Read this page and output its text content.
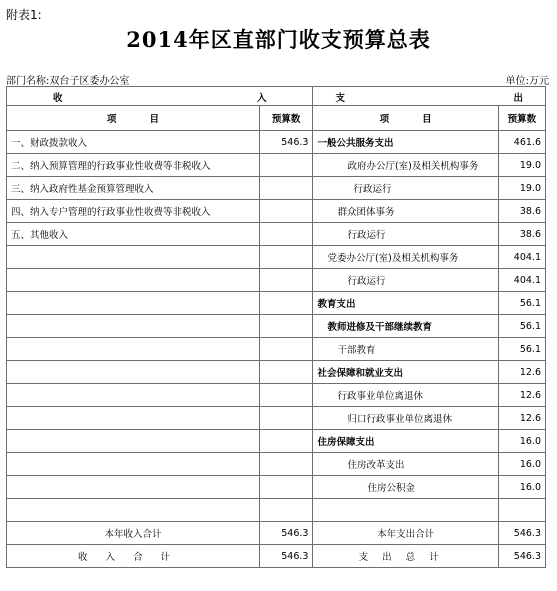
附表1:
2014年区直部门收支预算总表
部门名称:双台子区委办公室	单位:万元
收 入		支 出	

项          目	预算数	项          目	预算数
一、财政拨款收入	546.3	一般公共服务支出	461.6
二、纳入预算管理的行政事业性收费等非税收入		政府办公厅(室)及相关机构事务	19.0
三、纳入政府性基金预算管理收入		行政运行	19.0
四、纳入专户管理的行政事业性收费等非税收入		群众团体事务	38.6
五、其他收入		行政运行	38.6
		党委办公厅(室)及相关机构事务	404.1
		行政运行	404.1
		教育支出	56.1
		教师进修及干部继续教育	56.1
		干部教育	56.1
		社会保障和就业支出	12.6
		行政事业单位离退休	12.6
		归口行政事业单位离退休	12.6
		住房保障支出	16.0
		住房改革支出	16.0
		住房公积金	16.0

本年收入合计	546.3	本年支出合计	546.3
收入合计	546.3	支出总计	546.3
